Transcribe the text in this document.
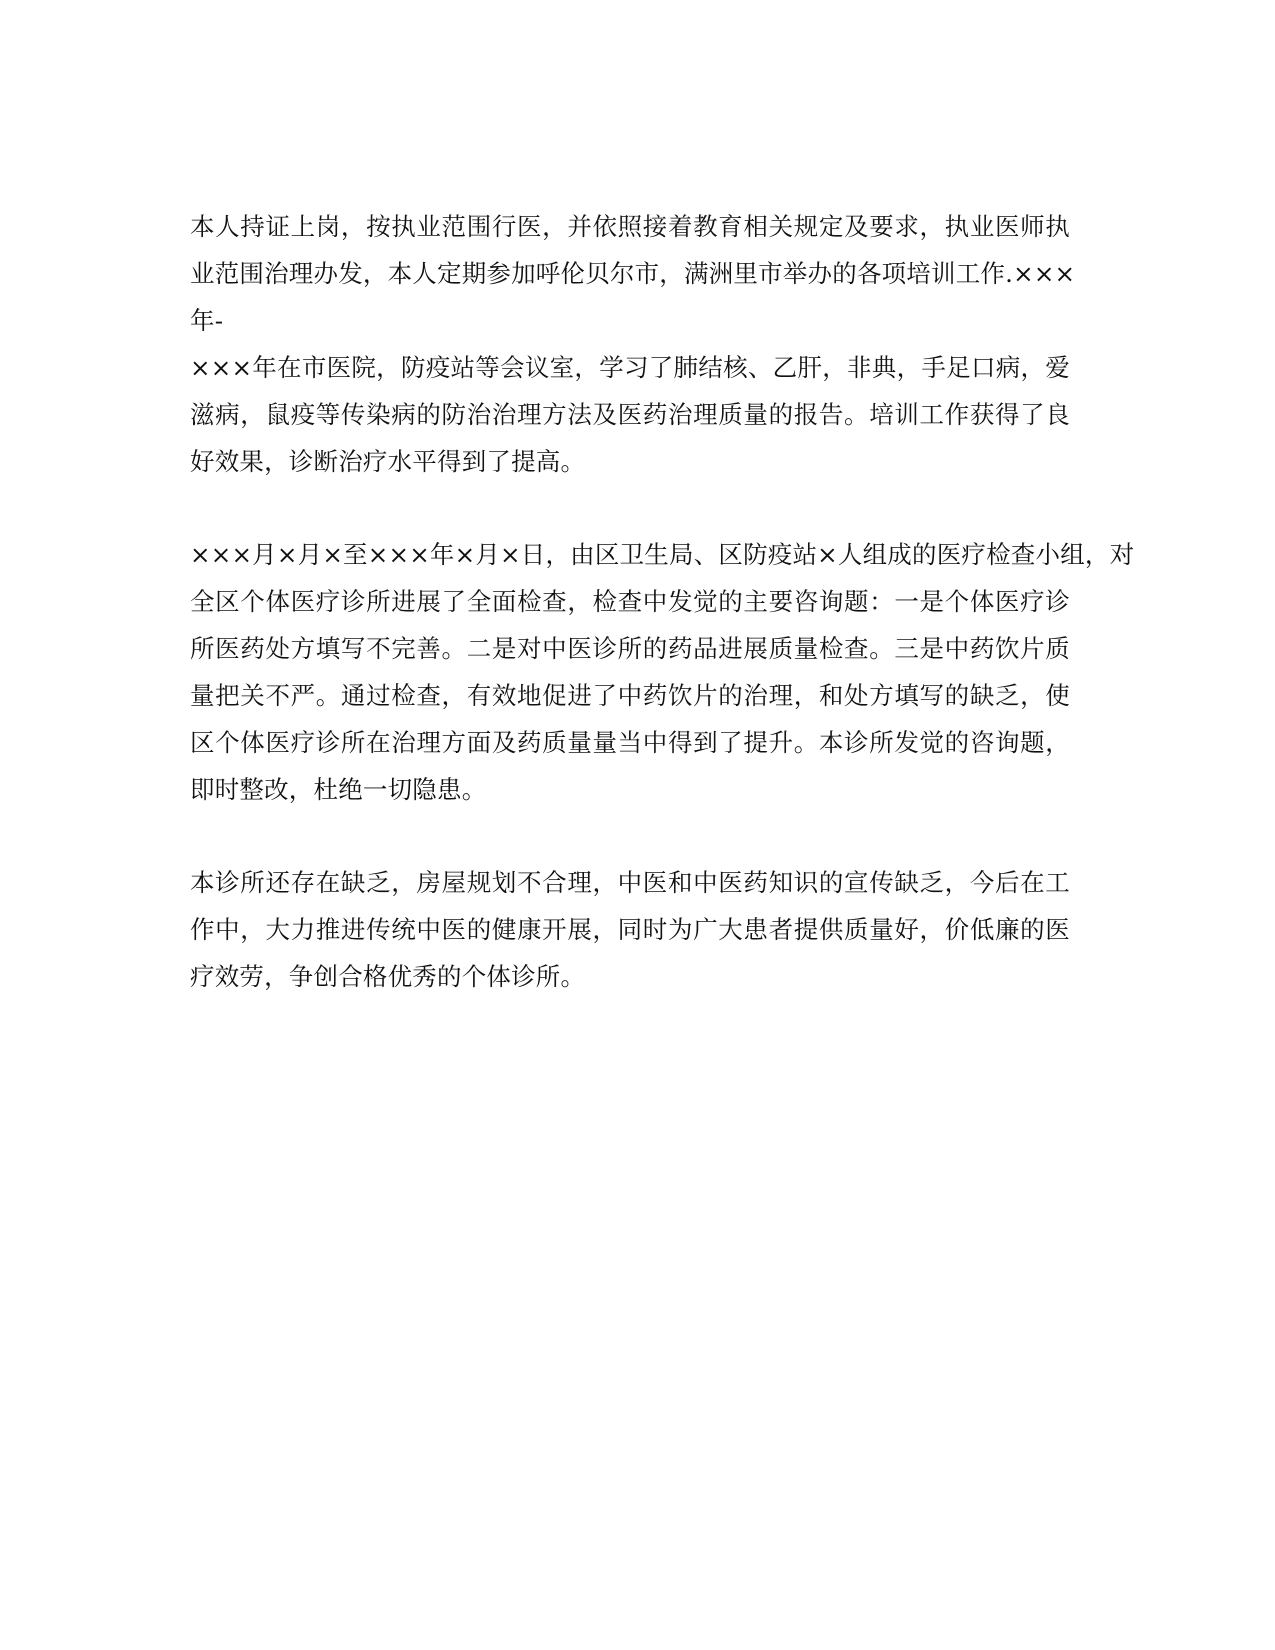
本人持证上岗，按执业范围行医，并依照接着教育相关规定及要求，执业医师执
业范围治理办发，本人定期参加呼伦贝尔市，满洲里市举办的各项培训工作.×××
年-
×××年在市医院，防疫站等会议室，学习了肺结核、乙肝，非典，手足口病，爱
滋病，鼠疫等传染病的防治治理方法及医药治理质量的报告。培训工作获得了良
好效果，诊断治疗水平得到了提高。
×××月×月×至×××年×月×日，由区卫生局、区防疫站×人组成的医疗检查小组，对
全区个体医疗诊所进展了全面检查，检查中发觉的主要咨询题：一是个体医疗诊
所医药处方填写不完善。二是对中医诊所的药品进展质量检查。三是中药饮片质
量把关不严。通过检查，有效地促进了中药饮片的治理，和处方填写的缺乏，使
区个体医疗诊所在治理方面及药质量量当中得到了提升。本诊所发觉的咨询题，
即时整改，杜绝一切隐患。
本诊所还存在缺乏，房屋规划不合理，中医和中医药知识的宣传缺乏，今后在工
作中，大力推进传统中医的健康开展，同时为广大患者提供质量好，价低廉的医
疗效劳，争创合格优秀的个体诊所。
